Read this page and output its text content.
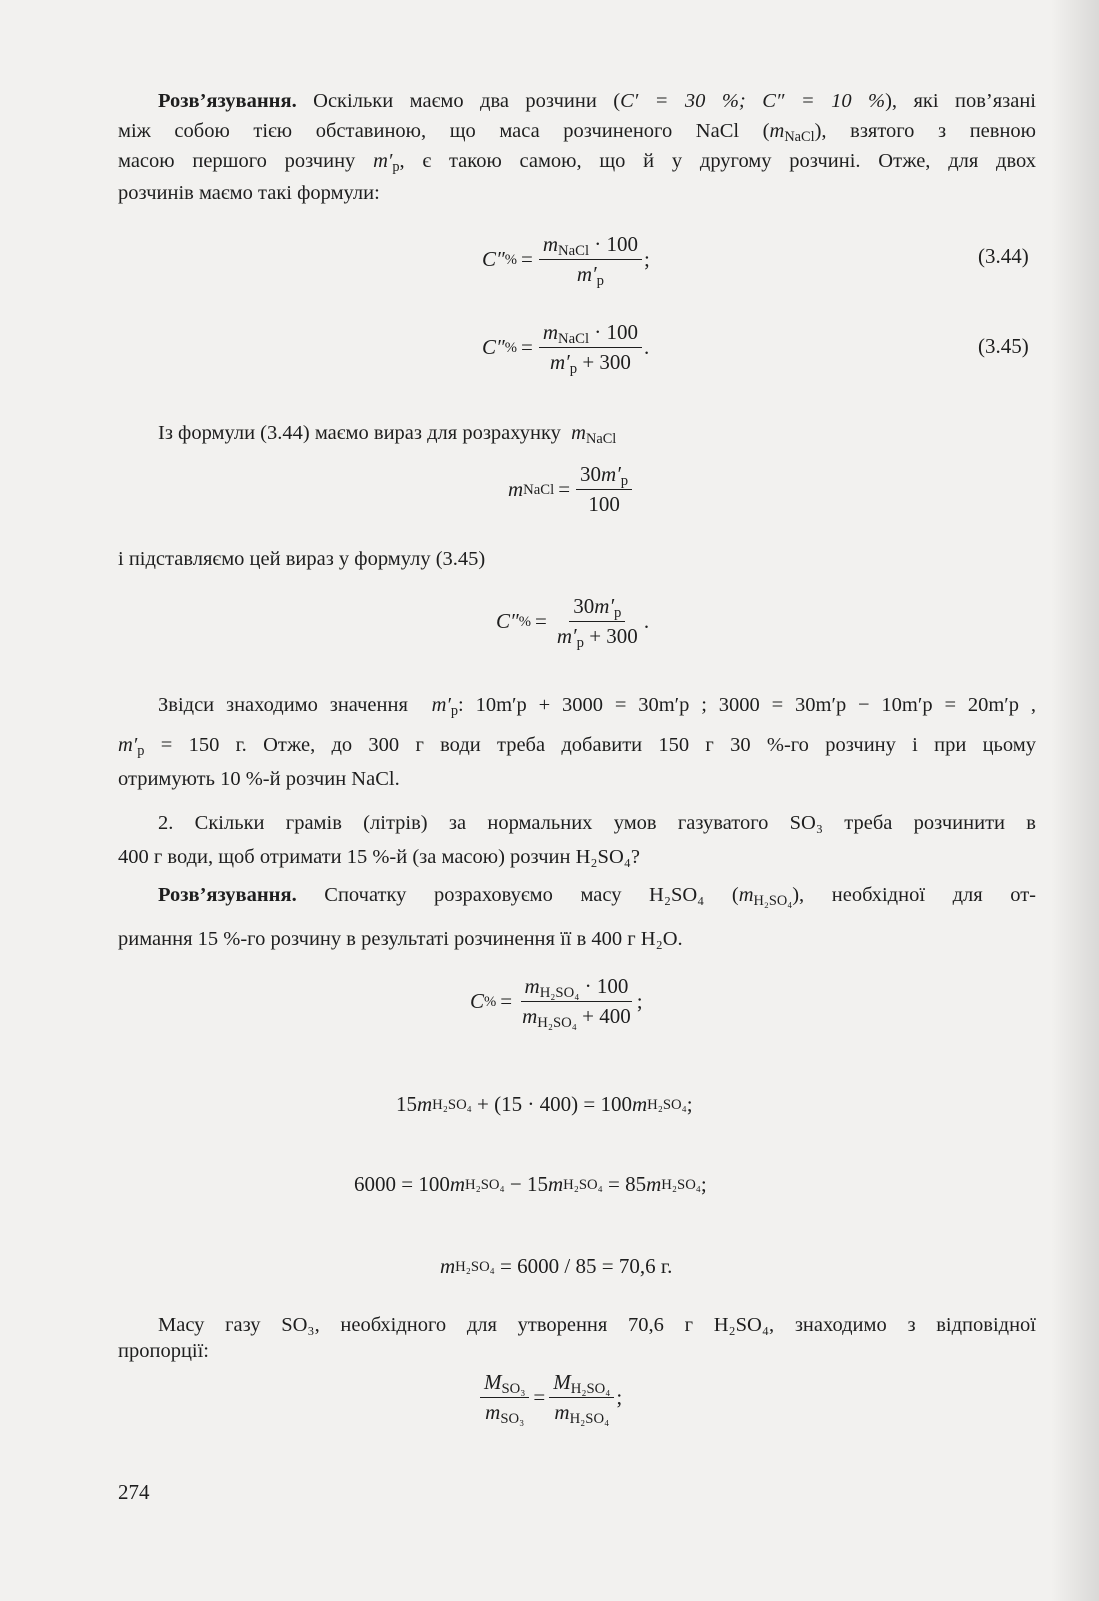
Розв’язування. Оскільки маємо два розчини (C′ = 30 %; C″ = 10 %), які пов’язані
між собою тією обставиною, що маса розчиненого NaCl $(m_{NaCl})$, взятого з певною
масою першого розчину $m'_р$, є такою самою, що й у другому розчині. Отже, для двох
розчинів маємо такі формули:
C″ % = $\frac{m_{NaCl} \cdot 100}{m'_р}$ ;	(3.44)
C″ % = $\frac{m_{NaCl} \cdot 100}{m'_р + 300}$ .	(3.45)
Із формули (3.44) маємо вираз для розрахунку $m_{NaCl}$
m NaCl = $\frac{30m'_р}{100}$
і підставляємо цей вираз у формулу (3.45)
C″ % = $\frac{30m'_р}{m'_р + 300}$ .
Звідси знаходимо значення $m'_р$: 10m′р + 3000 = 30m′р ; 3000 = 30m′р − 10m′р = 20m′р ,
$m'_р = 150$ г. Отже, до 300 г води треба добавити 150 г 30 %-го розчину і при цьому
отримують 10 %-й розчин NaCl.
2. Скільки грамів (літрів) за нормальних умов газуватого SO₃ треба розчинити в
400 г води, щоб отримати 15 %-й (за масою) розчин H₂SO₄?
Розв’язування. Спочатку розраховуємо масу H₂SO₄ $(m_{H_2SO_4})$, необхідної для от-
римання 15 %-го розчину в результаті розчинення її в 400 г H₂O.
C % = $\frac{m_{H_2SO_4} \cdot 100}{m_{H_2SO_4} + 400}$ ;
15 m H₂SO₄ + (15 · 400) = 100 m H₂SO₄ ;
6000 = 100 m H₂SO₄ − 15 m H₂SO₄ = 85 m H₂SO₄ ;
m H₂SO₄ = 6000 / 85 = 70,6 г.
Масу газу SO₃, необхідного для утворення 70,6 г H₂SO₄, знаходимо з відповідної
пропорції:
$\frac{M_{SO_3}}{m_{SO_3}} = \frac{M_{H_2SO_4}}{m_{H_2SO_4}}$ ;
274
